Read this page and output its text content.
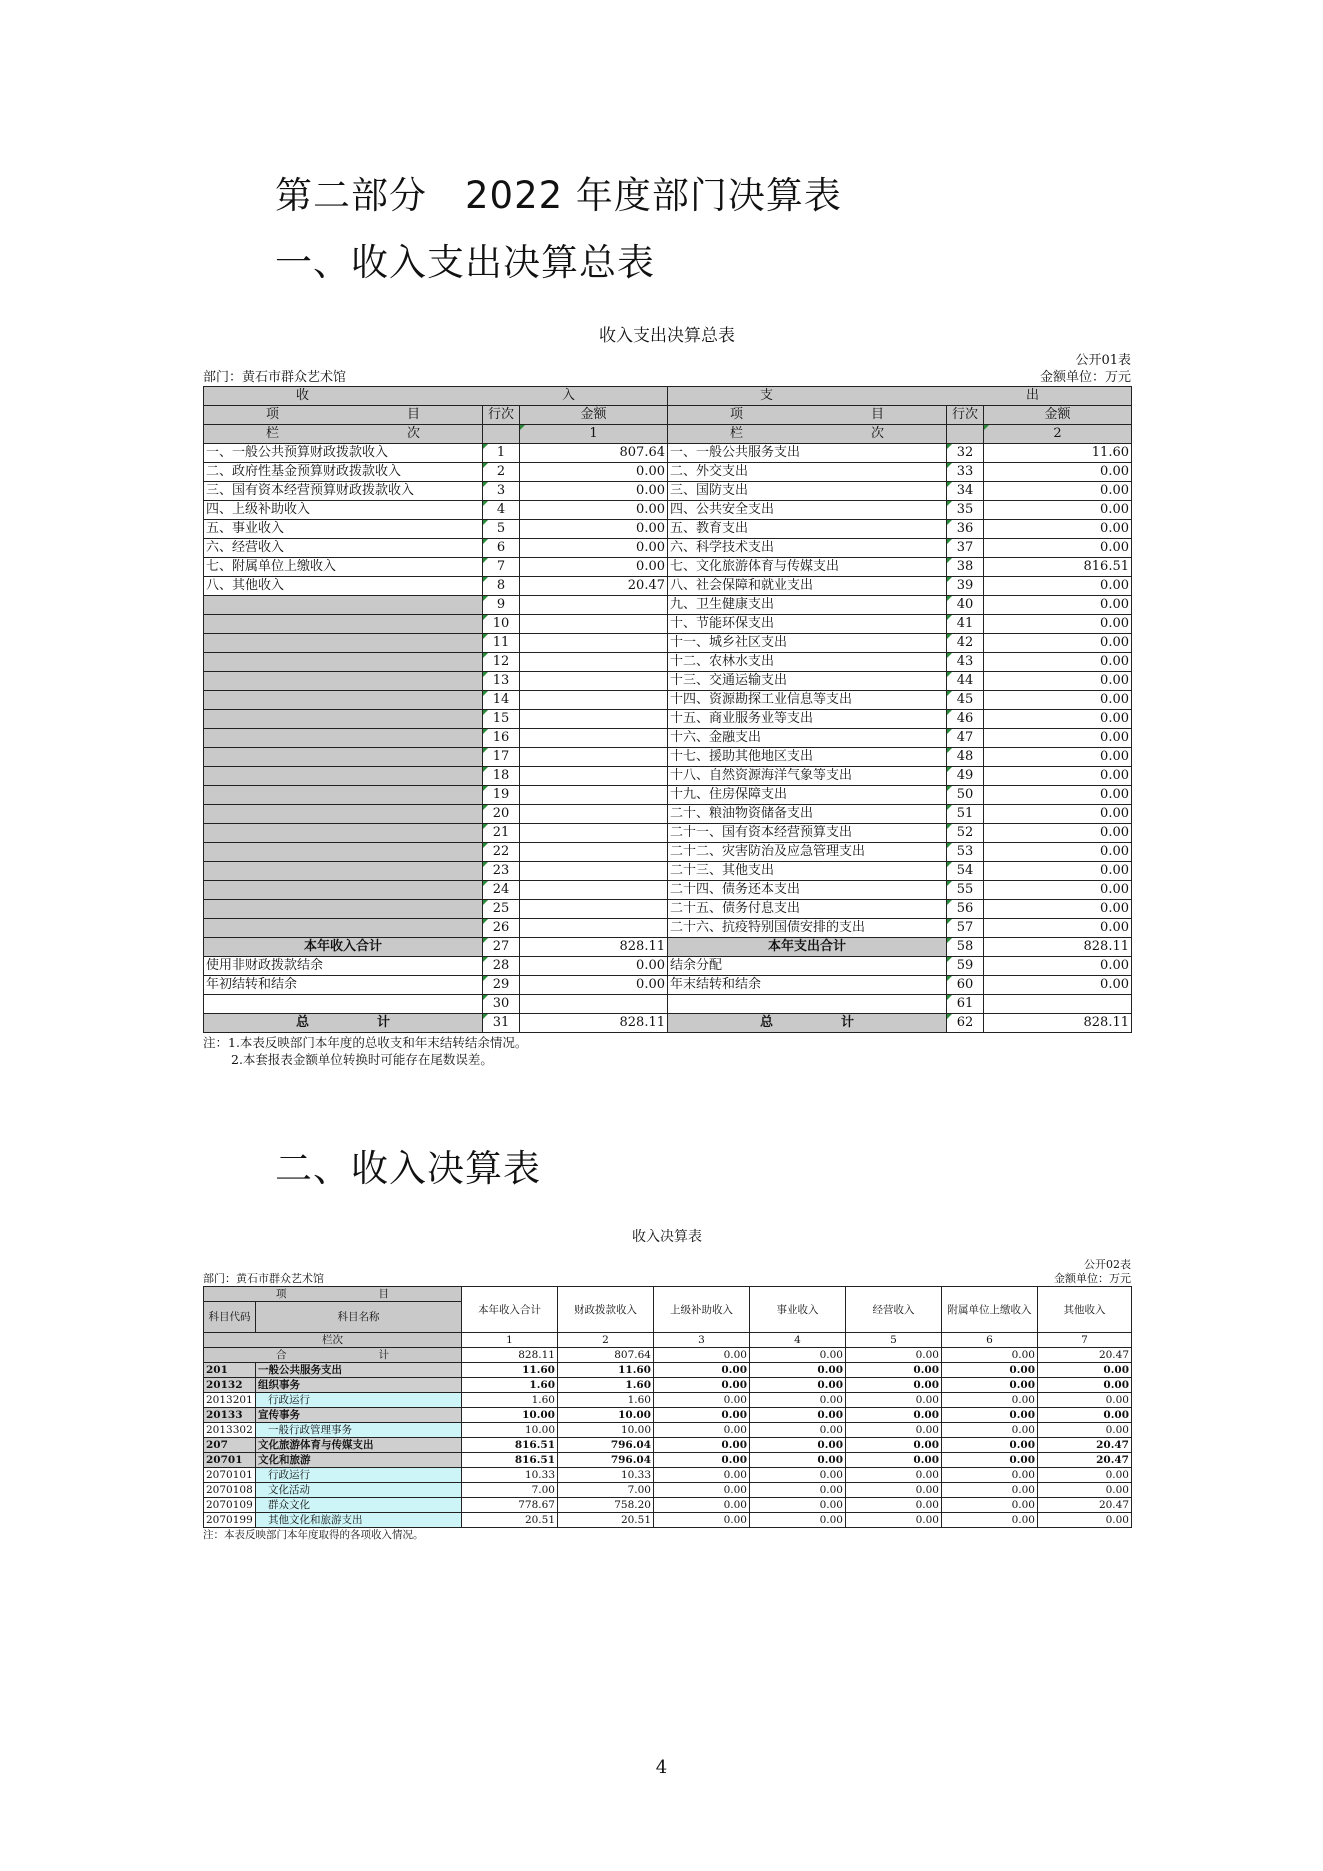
第二部分　2022 年度部门决算表
一、收入支出决算总表
收入支出决算总表
公开01表
部门：黄石市群众艺术馆	金额单位：万元
收 入			支 出		

项 目	行次	金额	项 目	行次	金额

栏 次		1	栏 次		2
一、一般公共预算财政拨款收入	1	807.64	一、一般公共服务支出	32	11.60
二、政府性基金预算财政拨款收入	2	0.00	二、外交支出	33	0.00
三、国有资本经营预算财政拨款收入	3	0.00	三、国防支出	34	0.00
四、上级补助收入	4	0.00	四、公共安全支出	35	0.00
五、事业收入	5	0.00	五、教育支出	36	0.00
六、经营收入	6	0.00	六、科学技术支出	37	0.00
七、附属单位上缴收入	7	0.00	七、文化旅游体育与传媒支出	38	816.51
八、其他收入	8	20.47	八、社会保障和就业支出	39	0.00
	9		九、卫生健康支出	40	0.00
	10		十、节能环保支出	41	0.00
	11		十一、城乡社区支出	42	0.00
	12		十二、农林水支出	43	0.00
	13		十三、交通运输支出	44	0.00
	14		十四、资源勘探工业信息等支出	45	0.00
	15		十五、商业服务业等支出	46	0.00
	16		十六、金融支出	47	0.00
	17		十七、援助其他地区支出	48	0.00
	18		十八、自然资源海洋气象等支出	49	0.00
	19		十九、住房保障支出	50	0.00
	20		二十、粮油物资储备支出	51	0.00
	21		二十一、国有资本经营预算支出	52	0.00
	22		二十二、灾害防治及应急管理支出	53	0.00
	23		二十三、其他支出	54	0.00
	24		二十四、债务还本支出	55	0.00
	25		二十五、债务付息支出	56	0.00
	26		二十六、抗疫特别国债安排的支出	57	0.00
本年收入合计	27	828.11	本年支出合计	58	828.11
使用非财政拨款结余	28	0.00	结余分配	59	0.00
年初结转和结余	29	0.00	年末结转和结余	60	0.00
	30			61	

总 计	31	828.11	总 计	62	828.11
注：1.本表反映部门本年度的总收支和年末结转结余情况。
2.本套报表金额单位转换时可能存在尾数误差。
二、收入决算表
收入决算表
公开02表
部门：黄石市群众艺术馆	金额单位：万元
项 目		本年收入合计	财政拨款收入	上级补助收入	事业收入	经营收入	附属单位上缴收入	其他收入
科目代码	科目名称							

栏次		1	2	3	4	5	6	7

合 计		828.11	807.64	0.00	0.00	0.00	0.00	20.47
201	一般公共服务支出	11.60	11.60	0.00	0.00	0.00	0.00	0.00
20132	组织事务	1.60	1.60	0.00	0.00	0.00	0.00	0.00
2013201	行政运行	1.60	1.60	0.00	0.00	0.00	0.00	0.00
20133	宣传事务	10.00	10.00	0.00	0.00	0.00	0.00	0.00
2013302	一般行政管理事务	10.00	10.00	0.00	0.00	0.00	0.00	0.00
207	文化旅游体育与传媒支出	816.51	796.04	0.00	0.00	0.00	0.00	20.47
20701	文化和旅游	816.51	796.04	0.00	0.00	0.00	0.00	20.47
2070101	行政运行	10.33	10.33	0.00	0.00	0.00	0.00	0.00
2070108	文化活动	7.00	7.00	0.00	0.00	0.00	0.00	0.00
2070109	群众文化	778.67	758.20	0.00	0.00	0.00	0.00	20.47
2070199	其他文化和旅游支出	20.51	20.51	0.00	0.00	0.00	0.00	0.00
注：本表反映部门本年度取得的各项收入情况。
4
